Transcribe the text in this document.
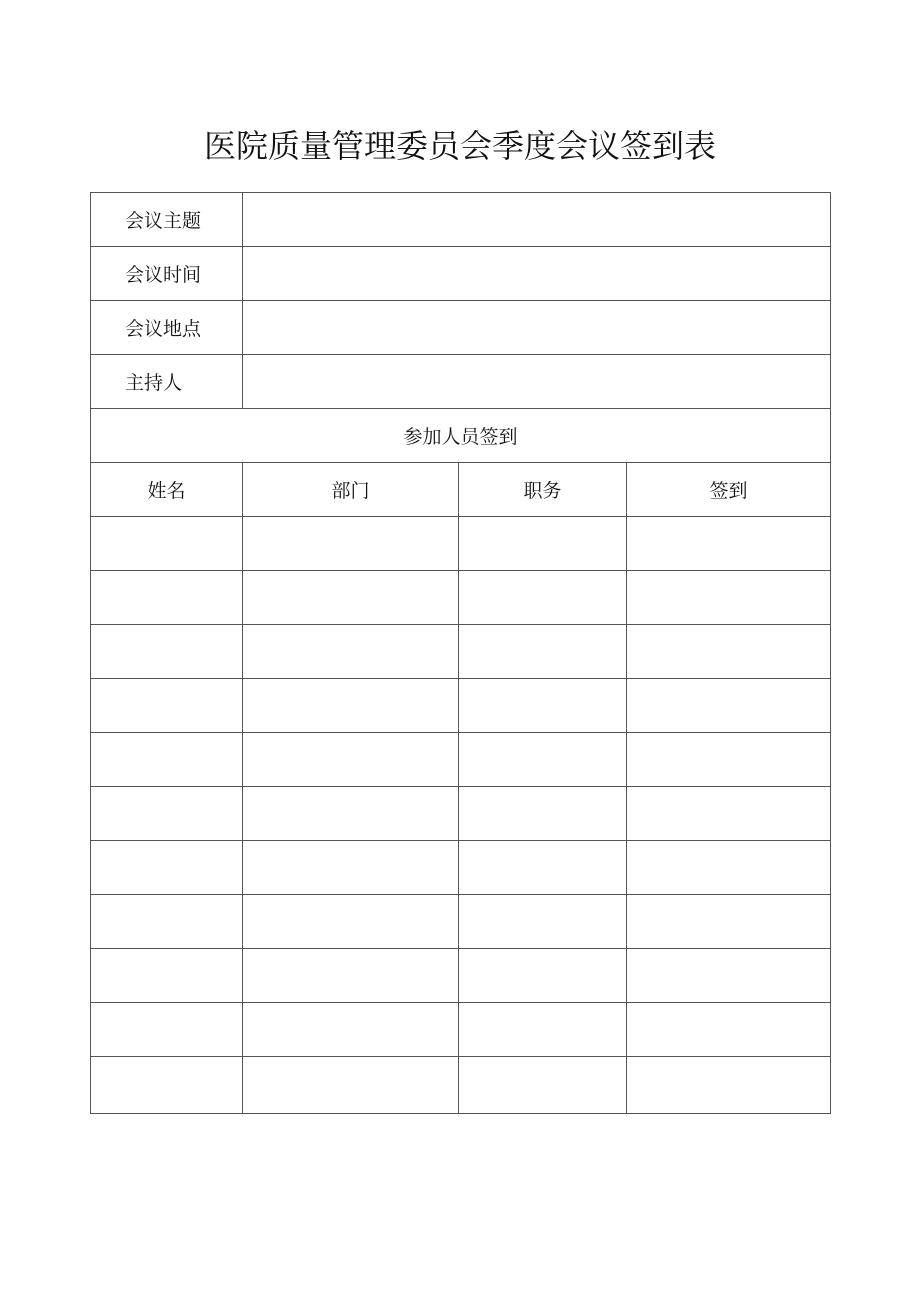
医院质量管理委员会季度会议签到表
会议主题			
会议时间			
会议地点			
主持人			
参加人员签到			
姓名	部门	职务	签到
